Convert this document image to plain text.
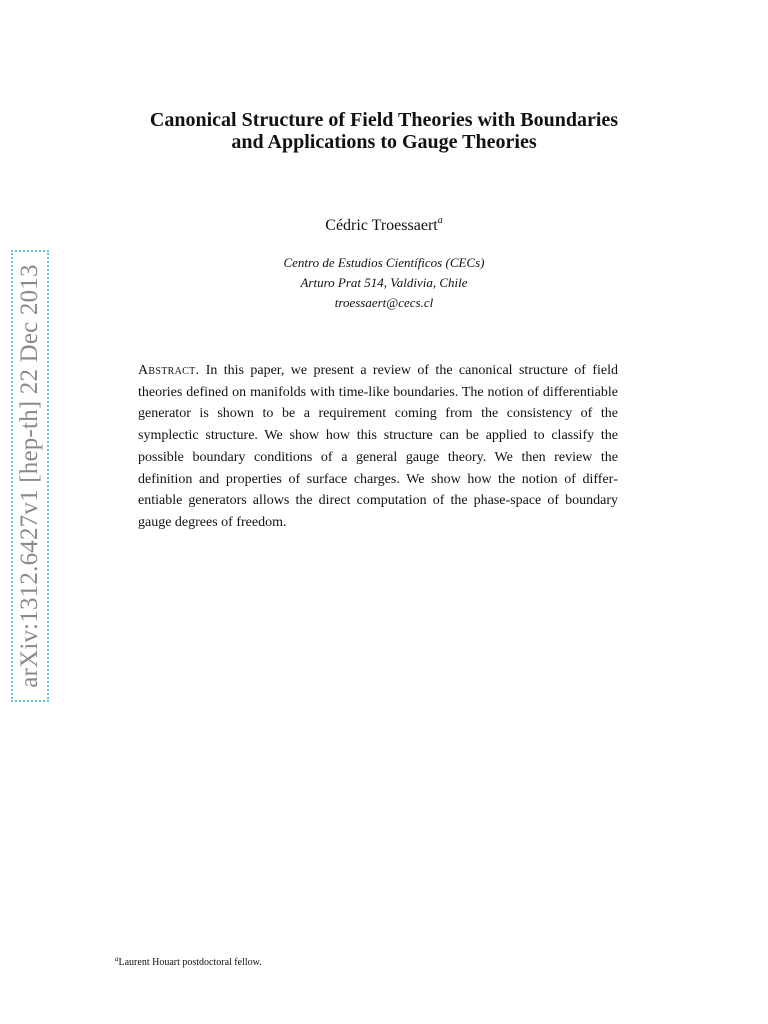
arXiv:1312.6427v1 [hep-th] 22 Dec 2013
Canonical Structure of Field Theories with Boundaries
and Applications to Gauge Theories
Cédric Troessaert$^a$
Centro de Estudios Científicos (CECs)
Arturo Prat 514, Valdivia, Chile
troessaert@cecs.cl

Abstract. In this paper, we present a review of the canonical structure of field theories defined on manifolds with time-like boundaries. The notion of differentiable generator is shown to be a requirement coming from the consistency of the symplectic structure. We show how this structure can be applied to classify the possible boundary conditions of a general gauge theory. We then review the definition and properties of surface charges. We show how the notion of differentiable generators allows the direct computation of the phase-space of boundary gauge degrees of freedom.

$^a$Laurent Houart postdoctoral fellow.
